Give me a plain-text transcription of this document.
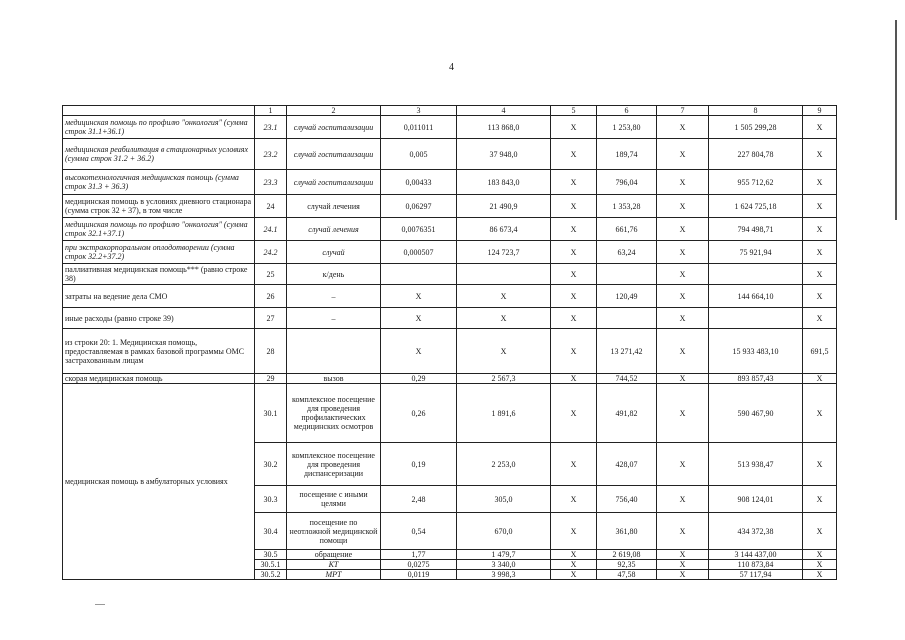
4
	1	2	3	4	5	6	7	8	9
медицинская помощь по профилю "онкология" (сумма строк 31.1+36.1)	23.1	случай госпитализации	0,011011	113 868,0	X	1 253,80	X	1 505 299,28	X
медицинская реабилитация в стационарных условиях (сумма строк 31.2 + 36.2)	23.2	случай госпитализации	0,005	37 948,0	X	189,74	X	227 804,78	X
высокотехнологичная медицинская помощь (сумма строк 31.3 + 36.3)	23.3	случай госпитализации	0,00433	183 843,0	X	796,04	X	955 712,62	X
медицинская помощь в условиях дневного стационара (сумма строк 32 + 37), в том числе	24	случай лечения	0,06297	21 490,9	X	1 353,28	X	1 624 725,18	X
медицинская помощь по профилю "онкология" (сумма строк 32.1+37.1)	24.1	случай лечения	0,0076351	86 673,4	X	661,76	X	794 498,71	X
при экстракорпоральном оплодотворении (сумма строк 32.2+37.2)	24.2	случай	0,000507	124 723,7	X	63,24	X	75 921,94	X
паллиативная медицинская помощь*** (равно строке 38)	25	к/день			X		X		X
затраты на ведение дела СМО	26	–	X	X	X	120,49	X	144 664,10	X
иные расходы (равно строке 39)	27	–	X	X	X		X		X
из строки 20: 1. Медицинская помощь, предоставляемая в рамках базовой программы ОМС застрахованным лицам	28		X	X	X	13 271,42	X	15 933 483,10	691,5
скорая медицинская помощь	29	вызов	0,29	2 567,3	X	744,52	X	893 857,43	X
медицинская помощь в амбулаторных условиях	30.1	комплексное посещение для проведения профилактических медицинских осмотров	0,26	1 891,6	X	491,82	X	590 467,90	X
	30.2	комплексное посещение для проведения диспансеризации	0,19	2 253,0	X	428,07	X	513 938,47	X
	30.3	посещение с иными целями	2,48	305,0	X	756,40	X	908 124,01	X
	30.4	посещение по неотложной медицинской помощи	0,54	670,0	X	361,80	X	434 372,38	X
	30.5	обращение	1,77	1 479,7	X	2 619,08	X	3 144 437,00	X
	30.5.1	КТ	0,0275	3 340,0	X	92,35	X	110 873,84	X
	30.5.2	МРТ	0,0119	3 998,3	X	47,58	X	57 117,94	X
